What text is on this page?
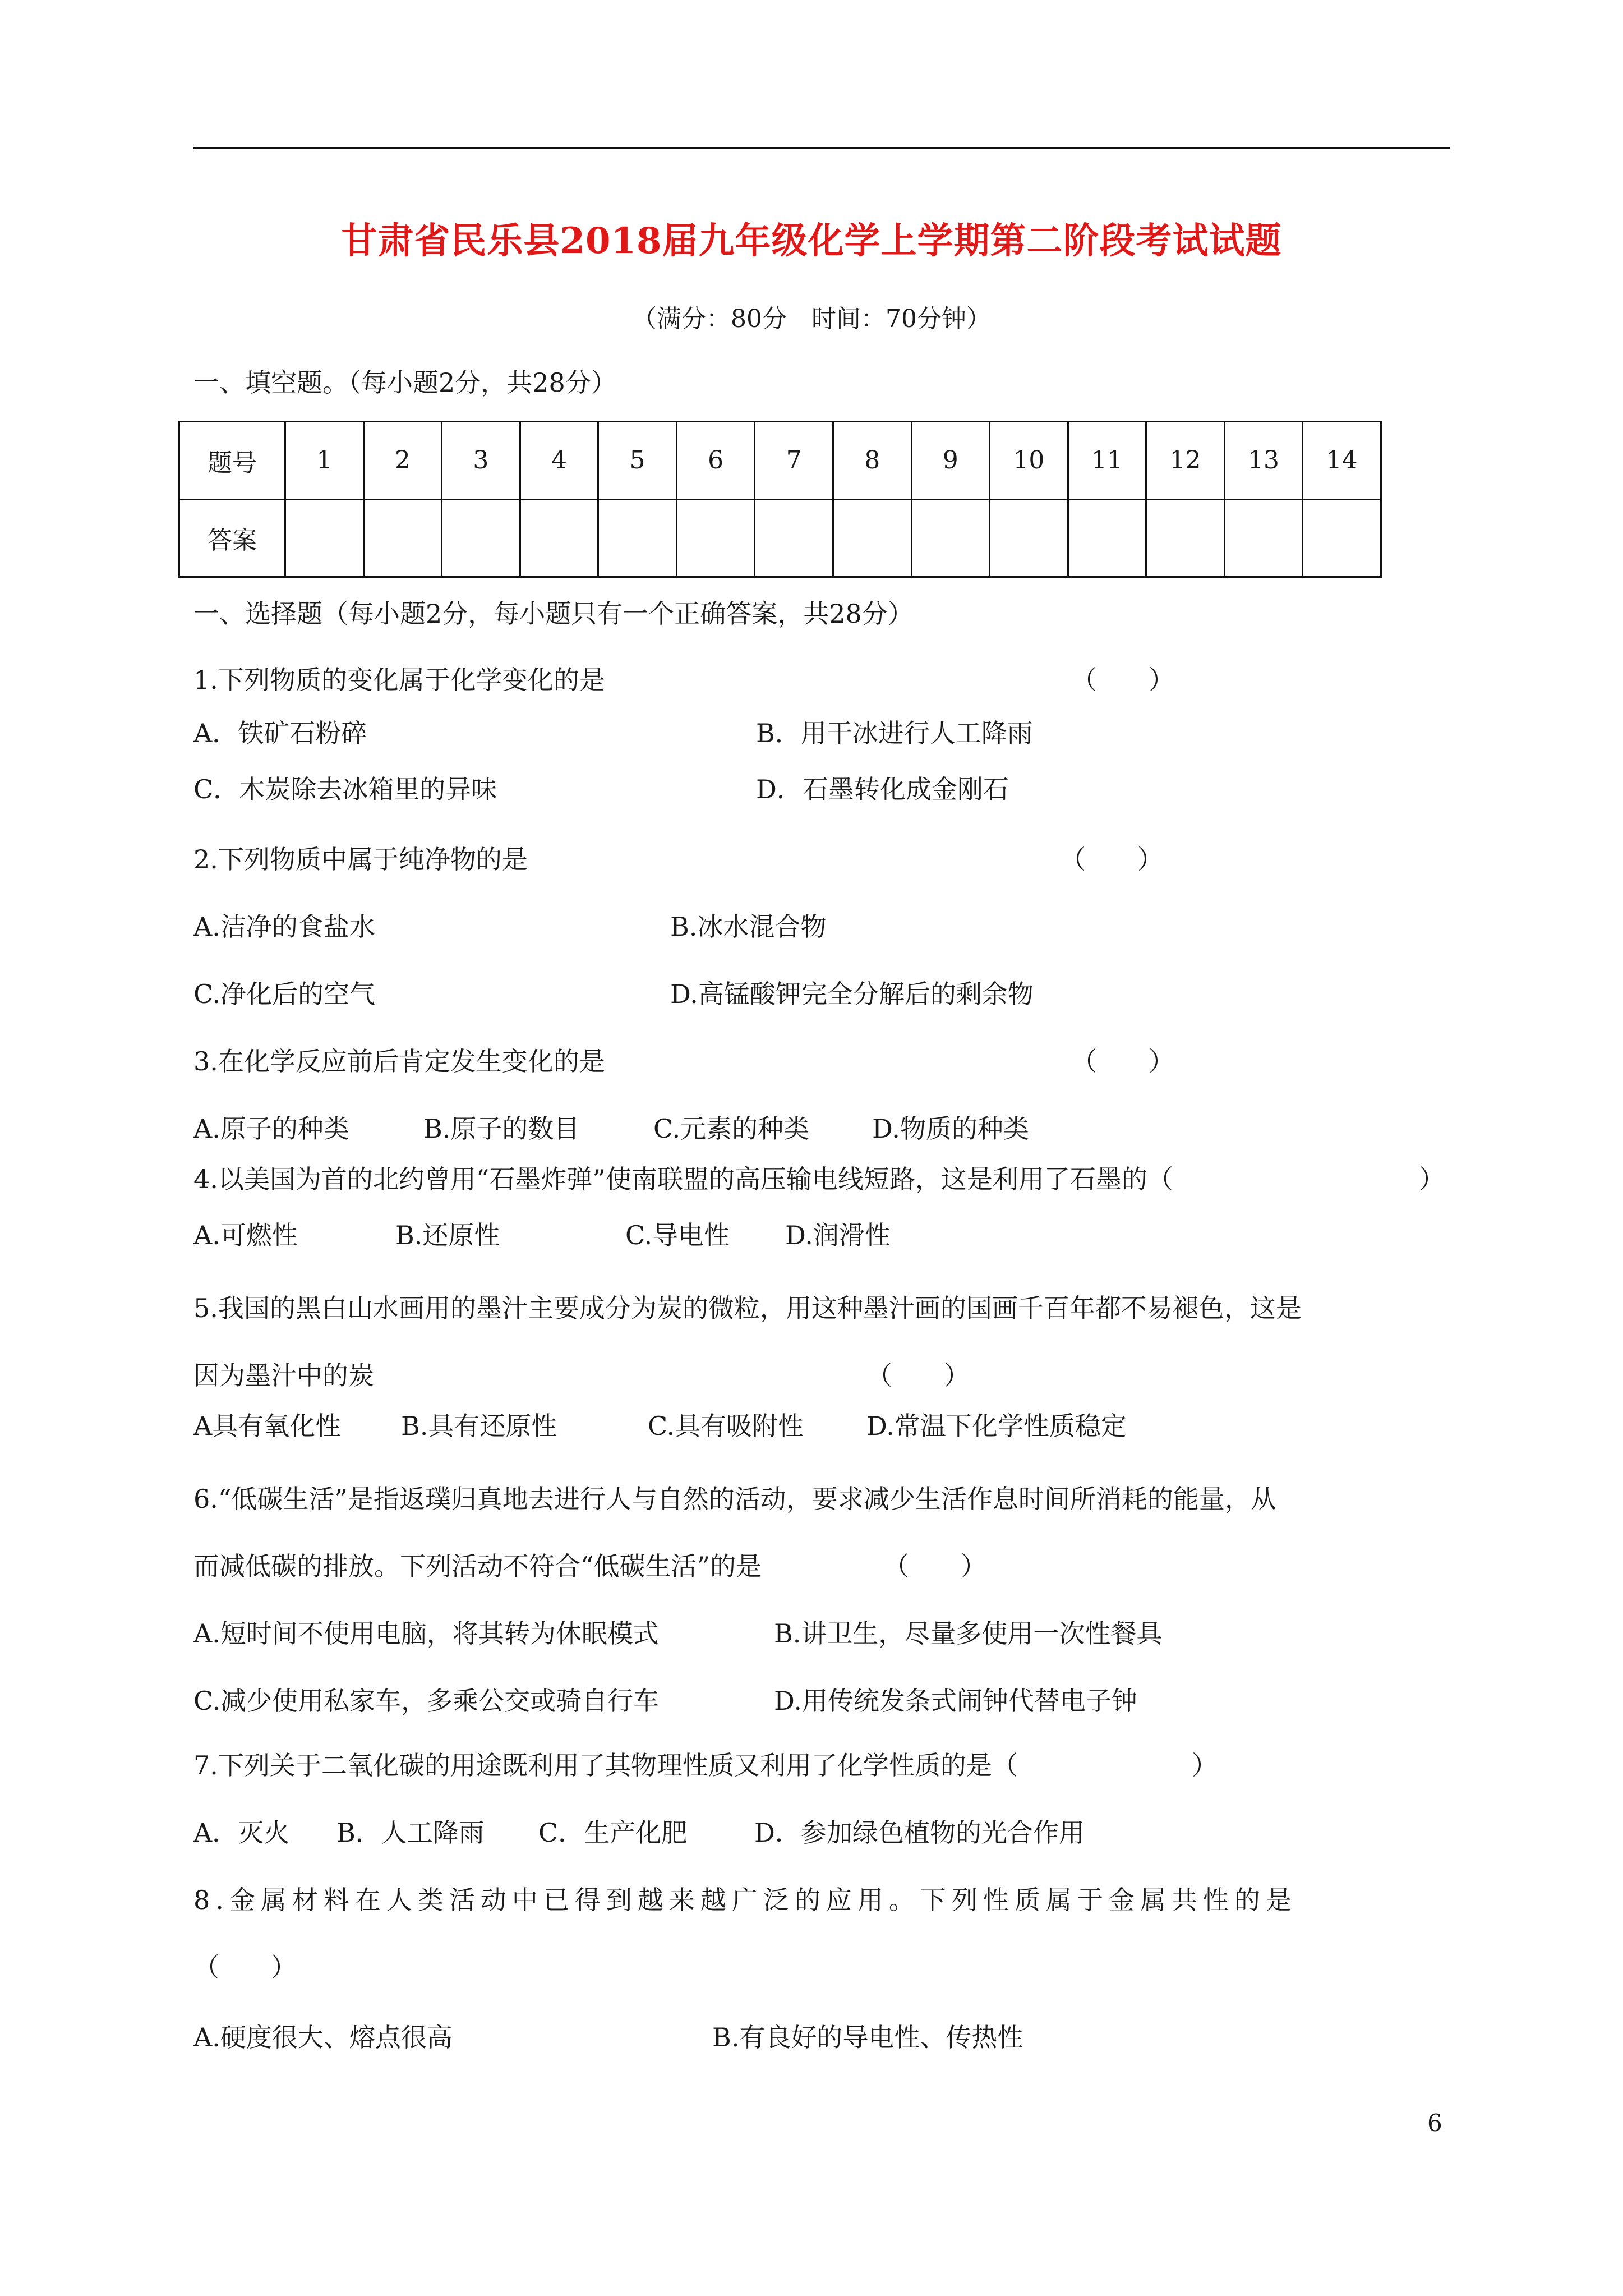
甘肃省民乐县2018届九年级化学上学期第二阶段考试试题
（满分：80分　时间：70分钟）
一、填空题。（每小题2分，共28分）
题号	1	2	3	4	5	6	7	8	9	10	11	12	13	14
答案														
一、选择题（每小题2分，每小题只有一个正确答案，共28分）
1.下列物质的变化属于化学变化的是	（　　）
A．铁矿石粉碎	B．用干冰进行人工降雨
C．木炭除去冰箱里的异味	D．石墨转化成金刚石
2.下列物质中属于纯净物的是	（　　）
A.洁净的食盐水	B.冰水混合物
C.净化后的空气	D.高锰酸钾完全分解后的剩余物
3.在化学反应前后肯定发生变化的是	（　　）
A.原子的种类	B.原子的数目	C.元素的种类 D.物质的种类
4.以美国为首的北约曾用“石墨炸弹”使南联盟的高压输电线短路，这是利用了石墨的（	）
A.可燃性	B.还原性	C.导电性 D.润滑性
5.我国的黑白山水画用的墨汁主要成分为炭的微粒，用这种墨汁画的国画千百年都不易褪色，这是
因为墨汁中的炭	（　　）
A具有氧化性 B.具有还原性	C.具有吸附性 D.常温下化学性质稳定
6.“低碳生活”是指返璞归真地去进行人与自然的活动，要求减少生活作息时间所消耗的能量，从
而减低碳的排放。下列活动不符合“低碳生活”的是	（　　）
A.短时间不使用电脑，将其转为休眠模式	B.讲卫生，尽量多使用一次性餐具
C.减少使用私家车，多乘公交或骑自行车	D.用传统发条式闹钟代替电子钟
7.下列关于二氧化碳的用途既利用了其物理性质又利用了化学性质的是（	）
A．灭火 B．人工降雨 C．生产化肥	D．参加绿色植物的光合作用
8.金属材料在人类活动中已得到越来越广泛的应用。下列性质属于金属共性的是
（　　）
A.硬度很大、熔点很高	B.有良好的导电性、传热性
6
